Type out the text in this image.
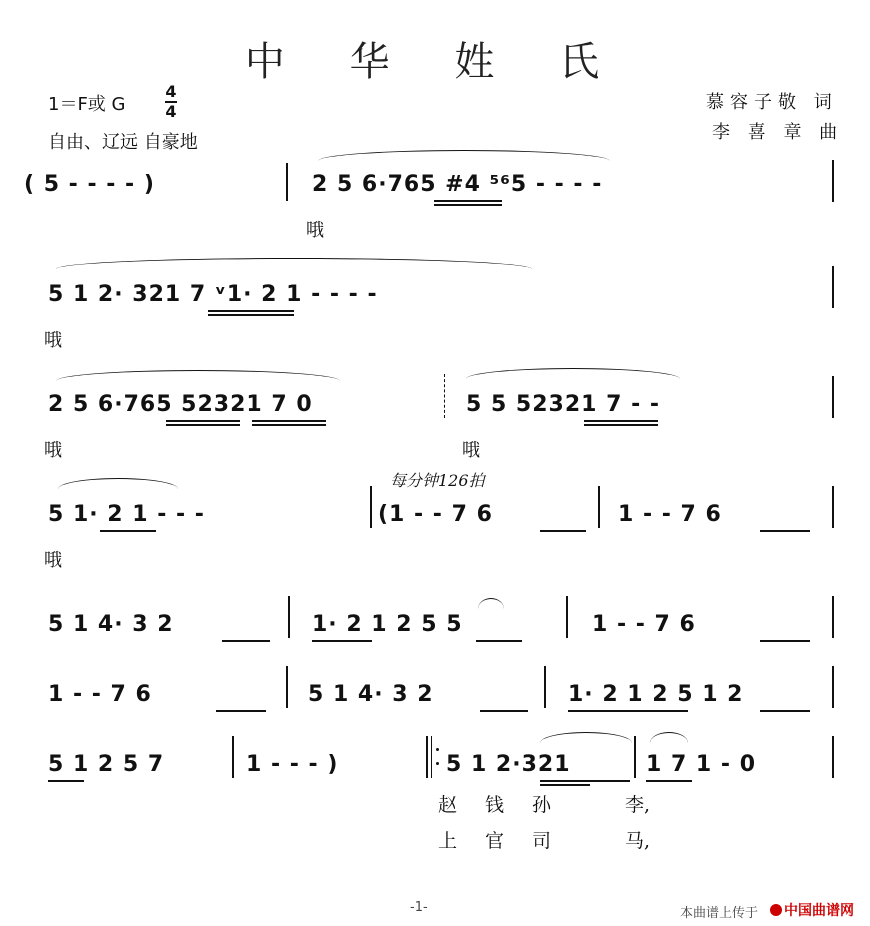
中 华 姓 氏
1＝F或 G
4
4
自由、辽远 自豪地
慕容子敬 词
李 喜 章 曲
( 5 - - - - )	2 5 6·765 #4 ⁵⁶5 - - - -
哦
5 1 2· 321 7 ᵛ1· 2 1 - - - -
哦
2 5 6·765 52321 7 0	5 5 52321 7 - -
哦	哦
每分钟126拍
5 1· 2 1 - - -	(1 - - 7 6	1 - - 7 6
哦
5 1 4· 3 2	1· 2 1 2 5 5	1 - - 7 6
1 - - 7 6	5 1 4· 3 2	1· 2 1 2 5 1 2
5 1 2 5 7	1 - - - )	5 1 2·321	1 7 1 - 0
赵钱孙 李,
上官司 马,
-1-	本曲谱上传于	中国曲谱网
